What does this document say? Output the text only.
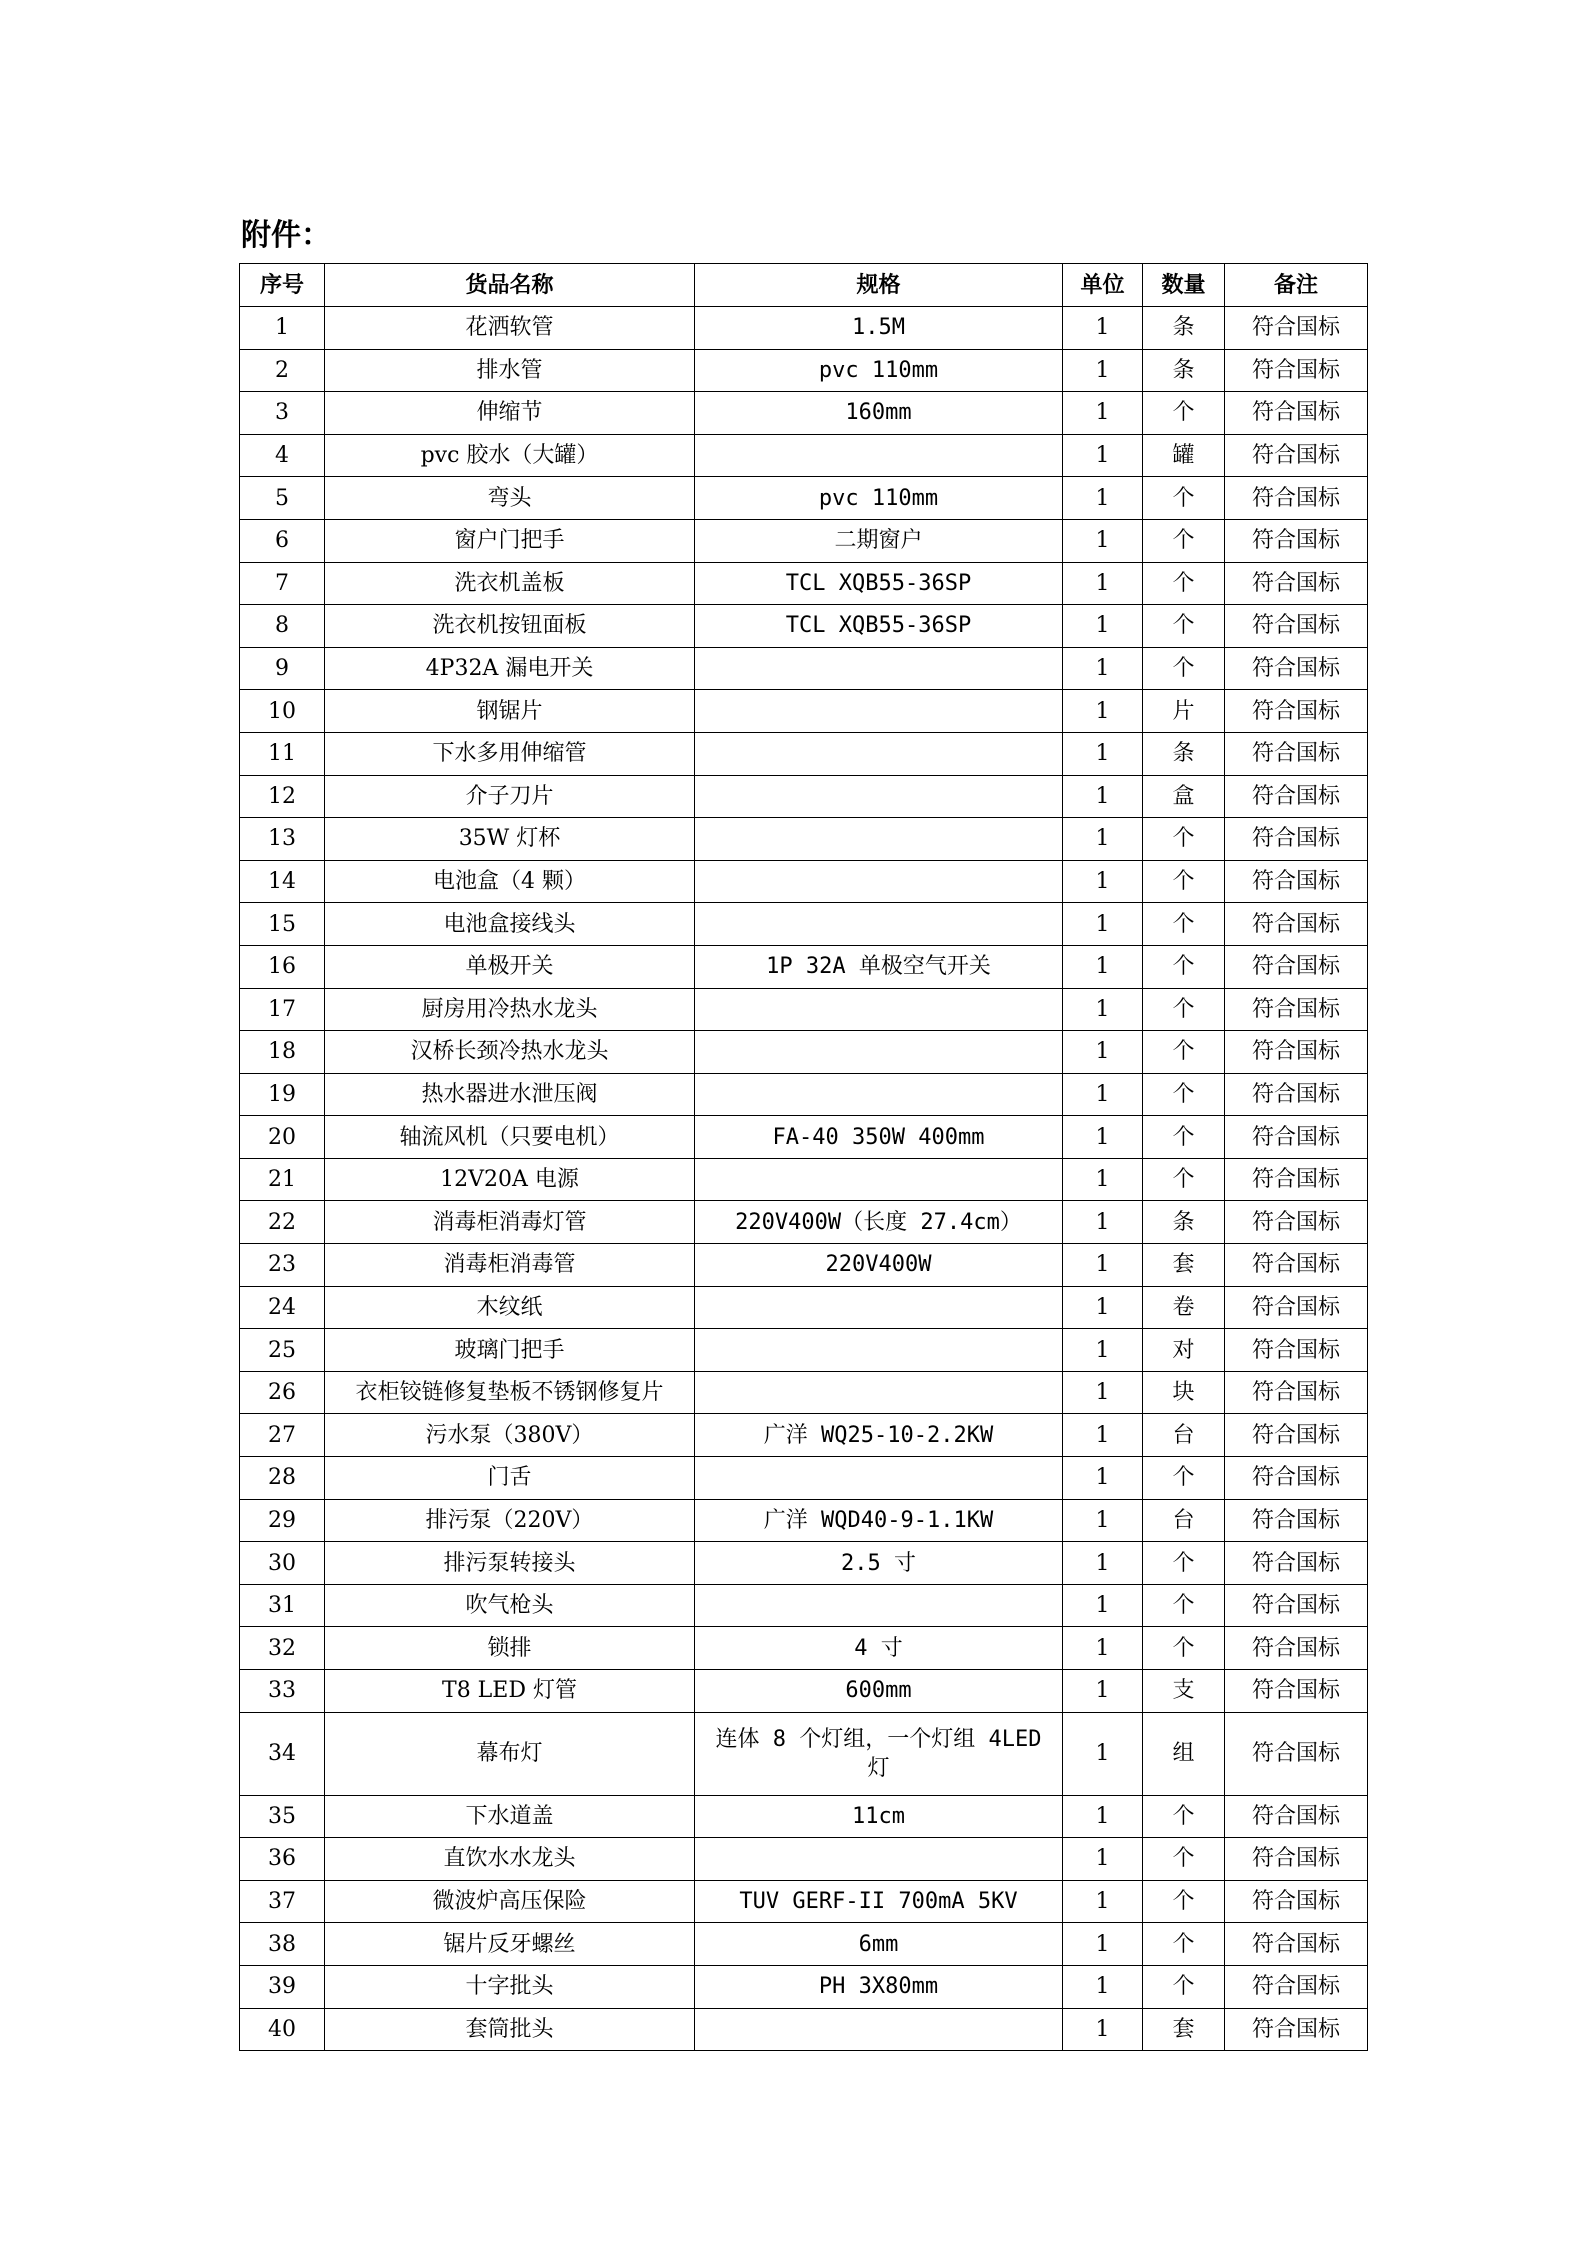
附件：
序号	货品名称	规格	单位	数量	备注
1	花洒软管	1.5M	1	条	符合国标
2	排水管	pvc 110mm	1	条	符合国标
3	伸缩节	160mm	1	个	符合国标
4	pvc 胶水（大罐）		1	罐	符合国标
5	弯头	pvc 110mm	1	个	符合国标
6	窗户门把手	二期窗户	1	个	符合国标
7	洗衣机盖板	TCL XQB55-36SP	1	个	符合国标
8	洗衣机按钮面板	TCL XQB55-36SP	1	个	符合国标
9	4P32A 漏电开关		1	个	符合国标
10	钢锯片		1	片	符合国标
11	下水多用伸缩管		1	条	符合国标
12	介子刀片		1	盒	符合国标
13	35W 灯杯		1	个	符合国标
14	电池盒（4 颗）		1	个	符合国标
15	电池盒接线头		1	个	符合国标
16	单极开关	1P 32A 单极空气开关	1	个	符合国标
17	厨房用冷热水龙头		1	个	符合国标
18	汉桥长颈冷热水龙头		1	个	符合国标
19	热水器进水泄压阀		1	个	符合国标
20	轴流风机（只要电机）	FA-40 350W 400mm	1	个	符合国标
21	12V20A 电源		1	个	符合国标
22	消毒柜消毒灯管	220V400W（长度 27.4cm）	1	条	符合国标
23	消毒柜消毒管	220V400W	1	套	符合国标
24	木纹纸		1	卷	符合国标
25	玻璃门把手		1	对	符合国标
26	衣柜铰链修复垫板不锈钢修复片		1	块	符合国标
27	污水泵（380V）	广洋 WQ25-10-2.2KW	1	台	符合国标
28	门舌		1	个	符合国标
29	排污泵（220V）	广洋 WQD40-9-1.1KW	1	台	符合国标
30	排污泵转接头	2.5 寸	1	个	符合国标
31	吹气枪头		1	个	符合国标
32	锁排	4 寸	1	个	符合国标
33	T8 LED 灯管	600mm	1	支	符合国标
34	幕布灯	连体 8 个灯组，一个灯组 4LED 灯	1	组	符合国标
35	下水道盖	11cm	1	个	符合国标
36	直饮水水龙头		1	个	符合国标
37	微波炉高压保险	TUV GERF-II 700mA 5KV	1	个	符合国标
38	锯片反牙螺丝	6mm	1	个	符合国标
39	十字批头	PH 3X80mm	1	个	符合国标
40	套筒批头		1	套	符合国标
